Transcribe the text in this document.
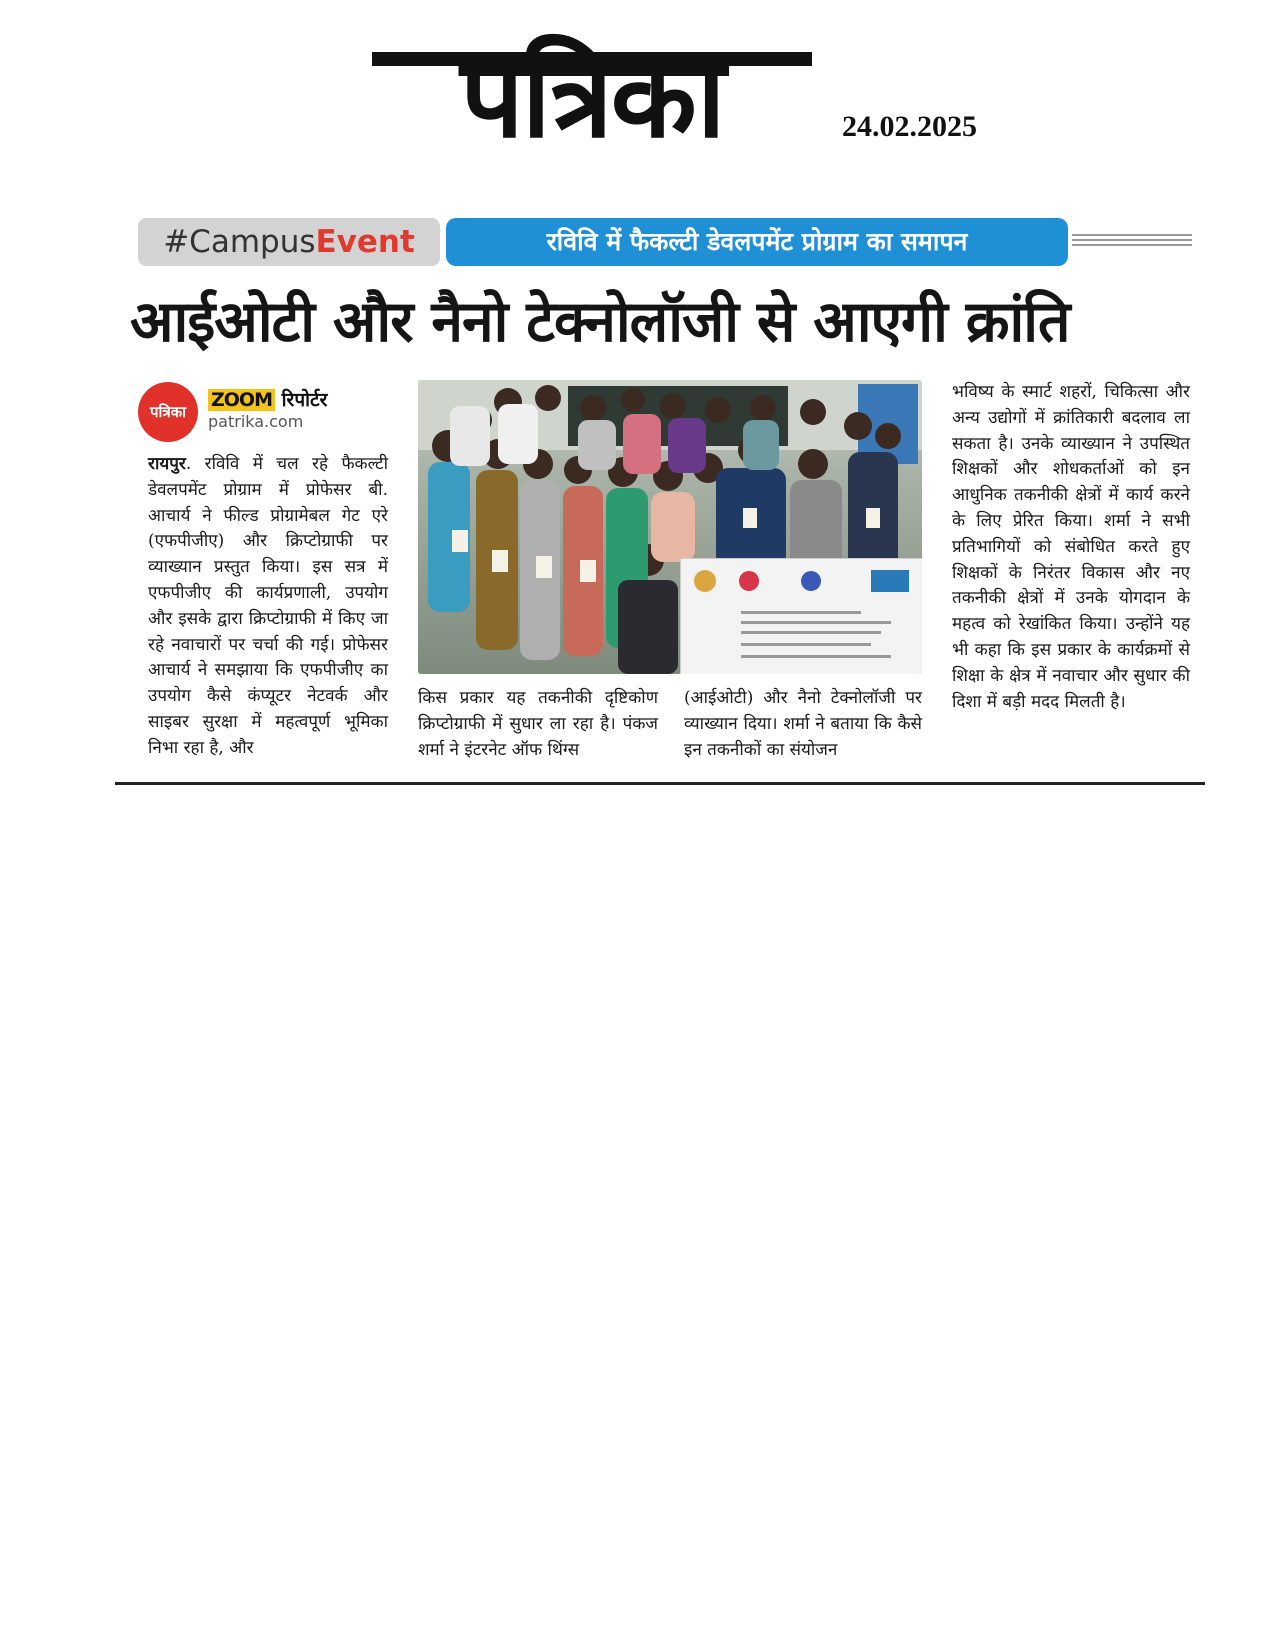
पत्रिका	24.02.2025
#CampusEvent	रविवि में फैकल्टी डेवलपमेंट प्रोग्राम का समापन
आईओटी और नैनो टेक्नोलॉजी से आएगी क्रांति
पत्रिका
ZOOM रिपोर्टर
patrika.com
रायपुर. रविवि में चल रहे फैकल्टी डेवलपमेंट प्रोग्राम में प्रोफेसर बी. आचार्य ने फील्ड प्रोग्रामेबल गेट एरे (एफपीजीए) और क्रिप्टोग्राफी पर व्याख्यान प्रस्तुत किया। इस सत्र में एफपीजीए की कार्यप्रणाली, उपयोग और इसके द्वारा क्रिप्टोग्राफी में किए जा रहे नवाचारों पर चर्चा की गई। प्रोफेसर आचार्य ने समझाया कि एफपीजीए का उपयोग कैसे कंप्यूटर नेटवर्क और साइबर सुरक्षा में महत्वपूर्ण भूमिका निभा रहा है, और
किस प्रकार यह तकनीकी दृष्टिकोण क्रिप्टोग्राफी में सुधार ला रहा है। पंकज शर्मा ने इंटरनेट ऑफ थिंग्स
(आईओटी) और नैनो टेक्नोलॉजी पर व्याख्यान दिया। शर्मा ने बताया कि कैसे इन तकनीकों का संयोजन
भविष्य के स्मार्ट शहरों, चिकित्सा और अन्य उद्योगों में क्रांतिकारी बदलाव ला सकता है। उनके व्याख्यान ने उपस्थित शिक्षकों और शोधकर्ताओं को इन आधुनिक तकनीकी क्षेत्रों में कार्य करने के लिए प्रेरित किया। शर्मा ने सभी प्रतिभागियों को संबोधित करते हुए शिक्षकों के निरंतर विकास और नए तकनीकी क्षेत्रों में उनके योगदान के महत्व को रेखांकित किया। उन्होंने यह भी कहा कि इस प्रकार के कार्यक्रमों से शिक्षा के क्षेत्र में नवाचार और सुधार की दिशा में बड़ी मदद मिलती है।
